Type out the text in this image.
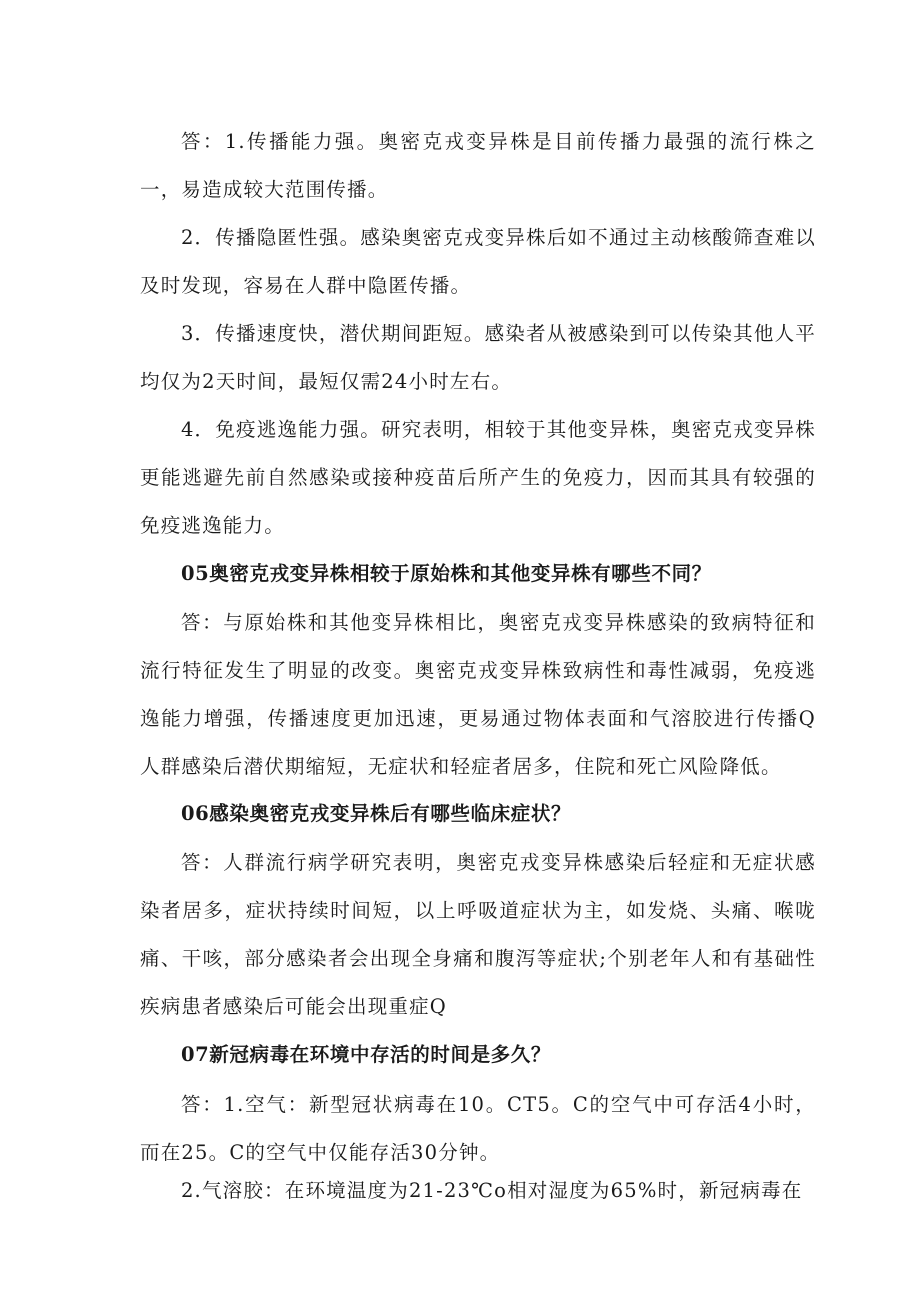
答：1.传播能力强。奥密克戎变异株是目前传播力最强的流行株之一，易造成较大范围传播。

2．传播隐匿性强。感染奥密克戎变异株后如不通过主动核酸筛查难以及时发现，容易在人群中隐匿传播。

3．传播速度快，潜伏期间距短。感染者从被感染到可以传染其他人平均仅为2天时间，最短仅需24小时左右。

4．免疫逃逸能力强。研究表明，相较于其他变异株，奥密克戎变异株更能逃避先前自然感染或接种疫苗后所产生的免疫力，因而其具有较强的免疫逃逸能力。

05奥密克戎变异株相较于原始株和其他变异株有哪些不同？

答：与原始株和其他变异株相比，奥密克戎变异株感染的致病特征和流行特征发生了明显的改变。奥密克戎变异株致病性和毒性减弱，免疫逃逸能力增强，传播速度更加迅速，更易通过物体表面和气溶胶进行传播Q人群感染后潜伏期缩短，无症状和轻症者居多，住院和死亡风险降低。

06感染奥密克戎变异株后有哪些临床症状？

答：人群流行病学研究表明，奥密克戎变异株感染后轻症和无症状感染者居多，症状持续时间短，以上呼吸道症状为主，如发烧、头痛、喉咙痛、干咳，部分感染者会出现全身痛和腹泻等症状;个别老年人和有基础性疾病患者感染后可能会出现重症Q

07新冠病毒在环境中存活的时间是多久？

答：1.空气：新型冠状病毒在10。CT5。C的空气中可存活4小时，而在25。C的空气中仅能存活30分钟。

2.气溶胶：在环境温度为21-23℃o相对湿度为65%时，新冠病毒在
